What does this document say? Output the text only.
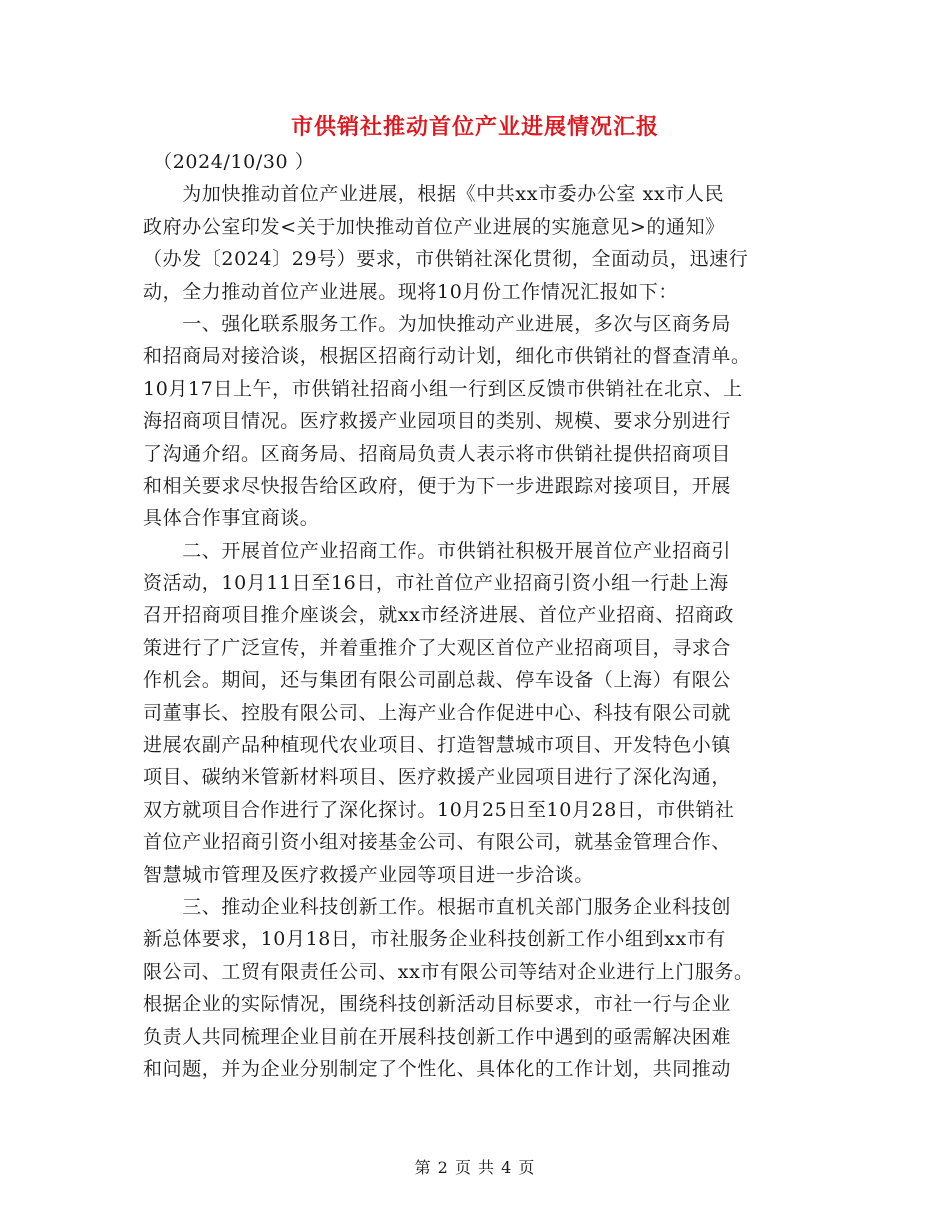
市供销社推动首位产业进展情况汇报
　（2024/10/30 ）
　　为加快推动首位产业进展，根据《中共xx市委办公室 xx市人民
政府办公室印发<关于加快推动首位产业进展的实施意见>的通知》
（办发〔2024〕29号）要求，市供销社深化贯彻，全面动员，迅速行
动，全力推动首位产业进展。现将10月份工作情况汇报如下：
　　一、强化联系服务工作。为加快推动产业进展，多次与区商务局
和招商局对接洽谈，根据区招商行动计划，细化市供销社的督查清单。
10月17日上午，市供销社招商小组一行到区反馈市供销社在北京、上
海招商项目情况。医疗救援产业园项目的类别、规模、要求分别进行
了沟通介绍。区商务局、招商局负责人表示将市供销社提供招商项目
和相关要求尽快报告给区政府，便于为下一步进跟踪对接项目，开展
具体合作事宜商谈。
　　二、开展首位产业招商工作。市供销社积极开展首位产业招商引
资活动，10月11日至16日，市社首位产业招商引资小组一行赴上海
召开招商项目推介座谈会，就xx市经济进展、首位产业招商、招商政
策进行了广泛宣传，并着重推介了大观区首位产业招商项目，寻求合
作机会。期间，还与集团有限公司副总裁、停车设备（上海）有限公
司董事长、控股有限公司、上海产业合作促进中心、科技有限公司就
进展农副产品种植现代农业项目、打造智慧城市项目、开发特色小镇
项目、碳纳米管新材料项目、医疗救援产业园项目进行了深化沟通，
双方就项目合作进行了深化探讨。10月25日至10月28日，市供销社
首位产业招商引资小组对接基金公司、有限公司，就基金管理合作、
智慧城市管理及医疗救援产业园等项目进一步洽谈。
　　三、推动企业科技创新工作。根据市直机关部门服务企业科技创
新总体要求，10月18日，市社服务企业科技创新工作小组到xx市有
限公司、工贸有限责任公司、xx市有限公司等结对企业进行上门服务。
根据企业的实际情况，围绕科技创新活动目标要求，市社一行与企业
负责人共同梳理企业目前在开展科技创新工作中遇到的亟需解决困难
和问题，并为企业分别制定了个性化、具体化的工作计划，共同推动
第 2 页 共 4 页
